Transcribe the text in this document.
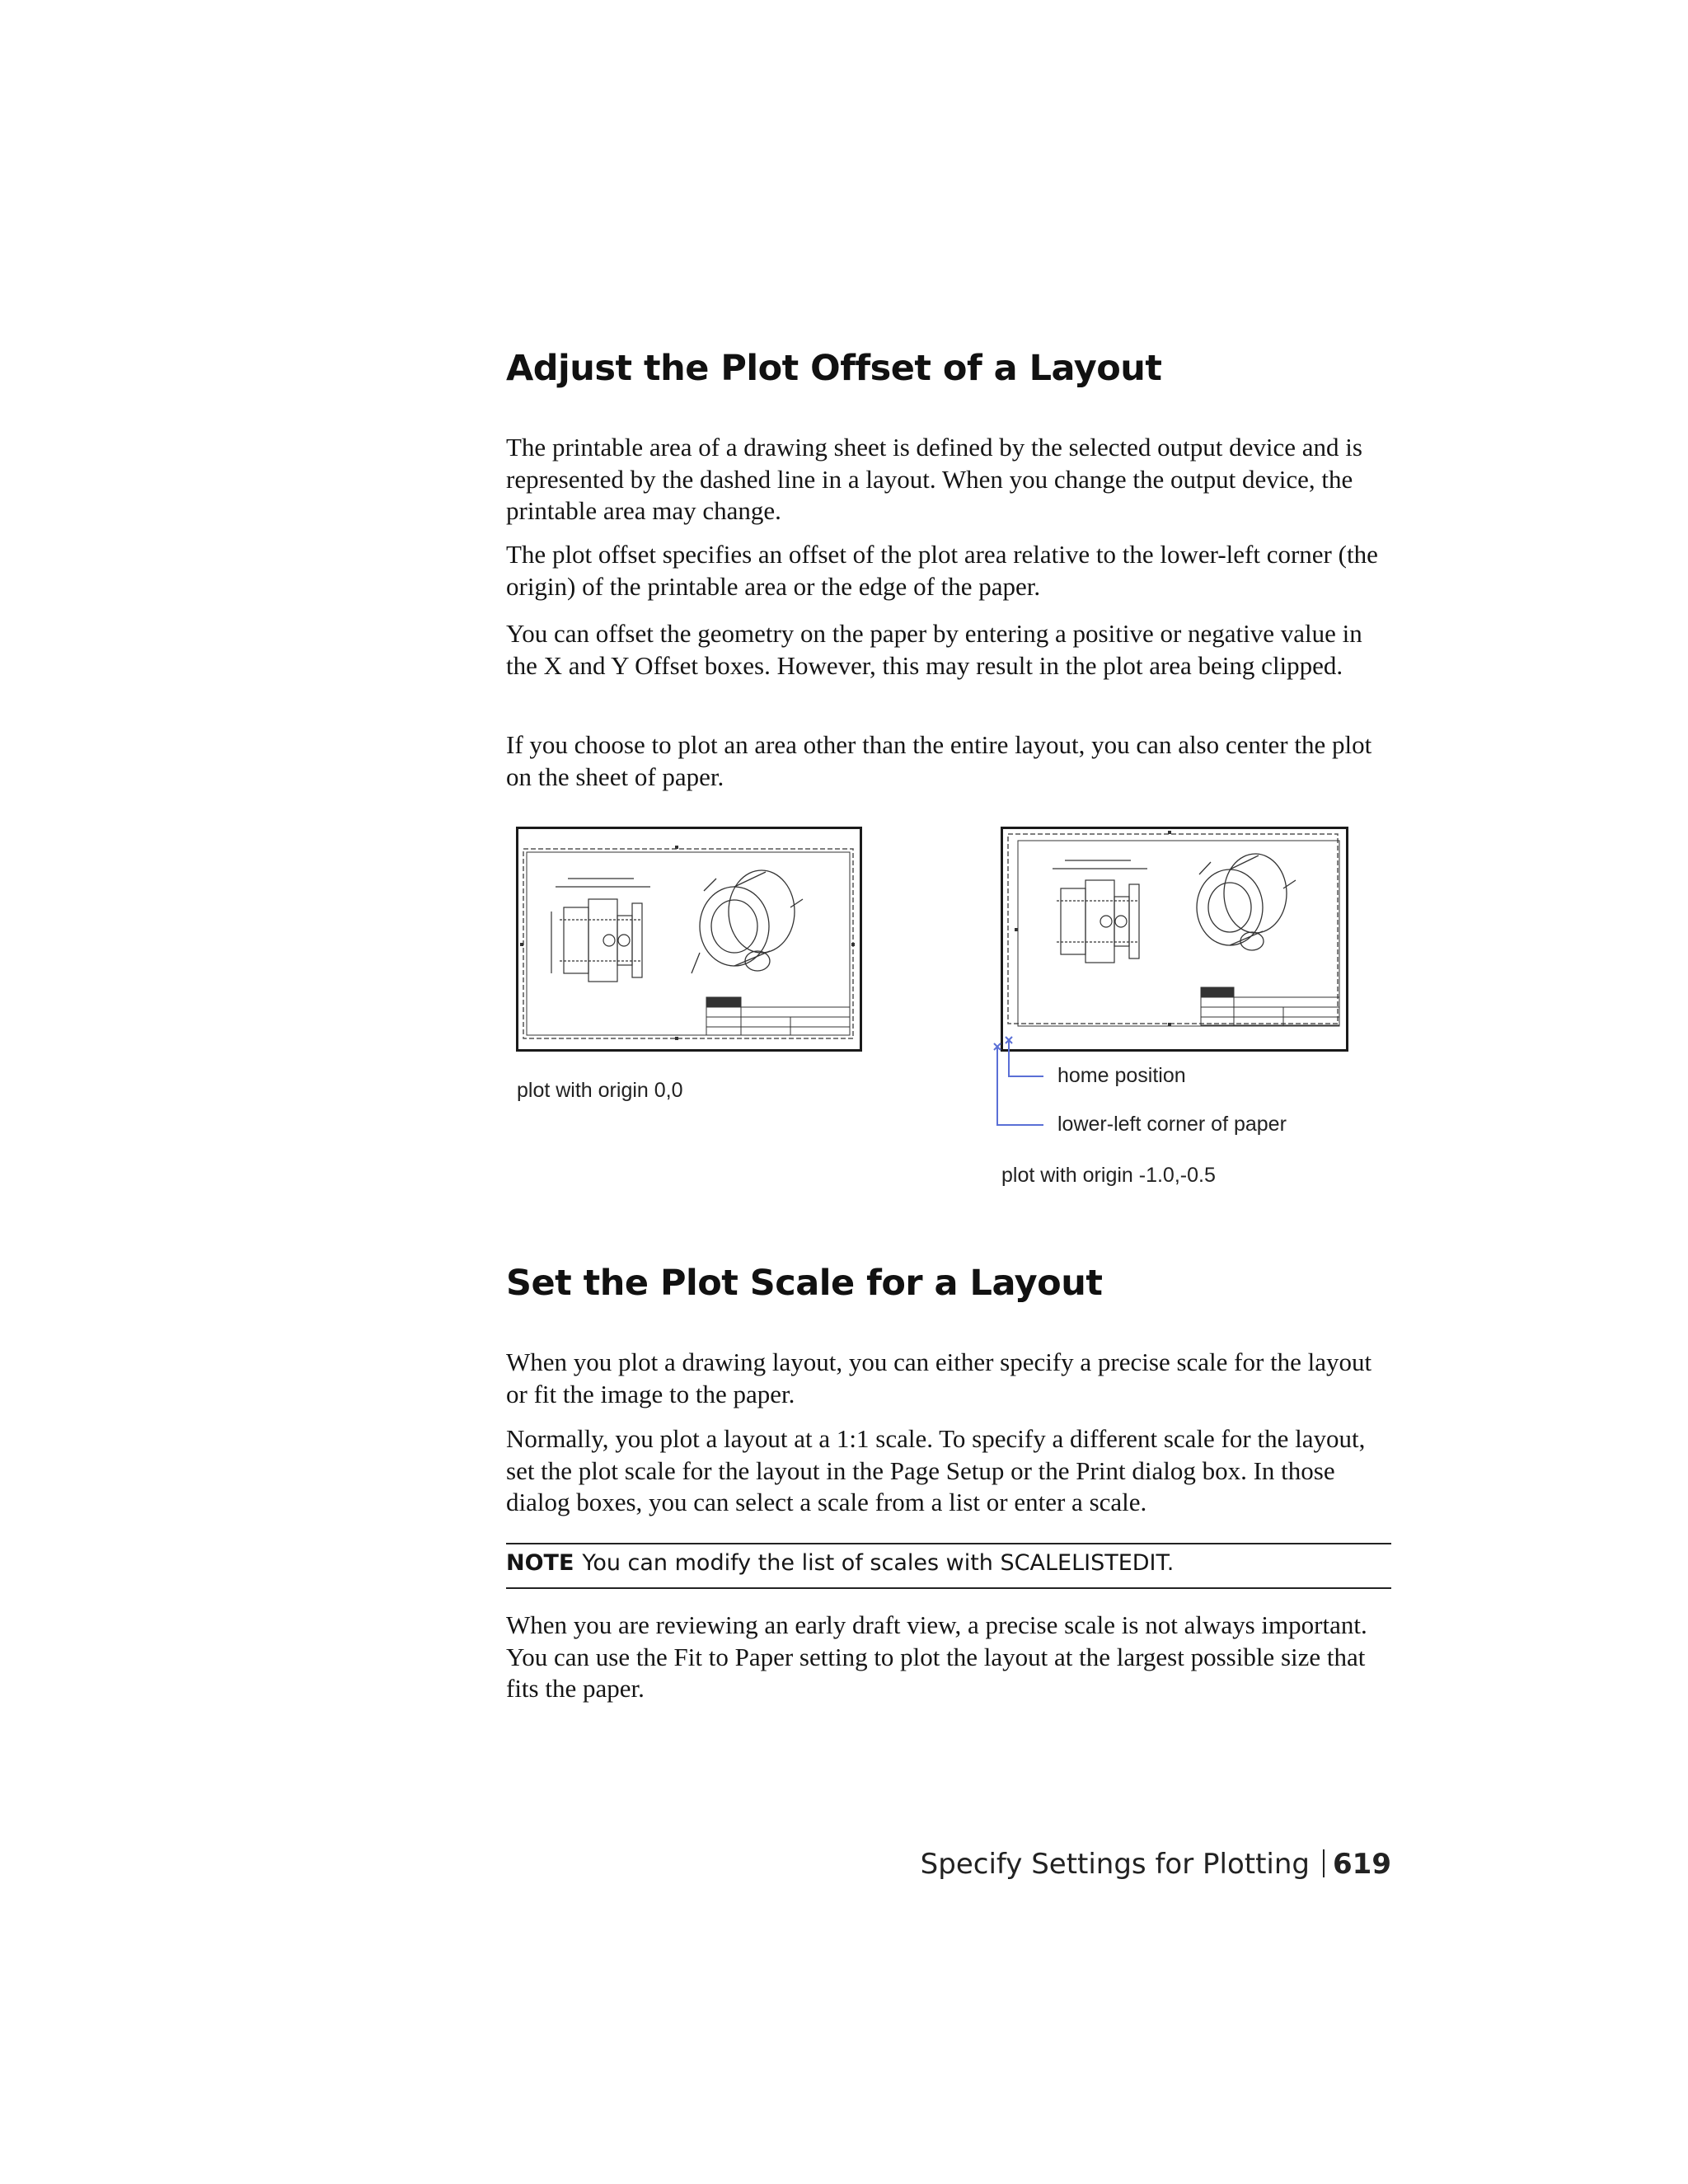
Adjust the Plot Offset of a Layout

The printable area of a drawing sheet is defined by the selected output device and is represented by the dashed line in a layout. When you change the output device, the printable area may change.

The plot offset specifies an offset of the plot area relative to the lower-left corner (the origin) of the printable area or the edge of the paper.

You can offset the geometry on the paper by entering a positive or negative value in the X and Y Offset boxes. However, this may result in the plot area being clipped.

If you choose to plot an area other than the entire layout, you can also center the plot on the sheet of paper.

plot with origin 0,0
home position
lower-left corner of paper
plot with origin -1.0,-0.5
Set the Plot Scale for a Layout

When you plot a drawing layout, you can either specify a precise scale for the layout or fit the image to the paper.

Normally, you plot a layout at a 1:1 scale. To specify a different scale for the layout, set the plot scale for the layout in the Page Setup or the Print dialog box. In those dialog boxes, you can select a scale from a list or enter a scale.

NOTE You can modify the list of scales with SCALELISTEDIT.

When you are reviewing an early draft view, a precise scale is not always important. You can use the Fit to Paper setting to plot the layout at the largest possible size that fits the paper.

Specify Settings for Plotting 619
